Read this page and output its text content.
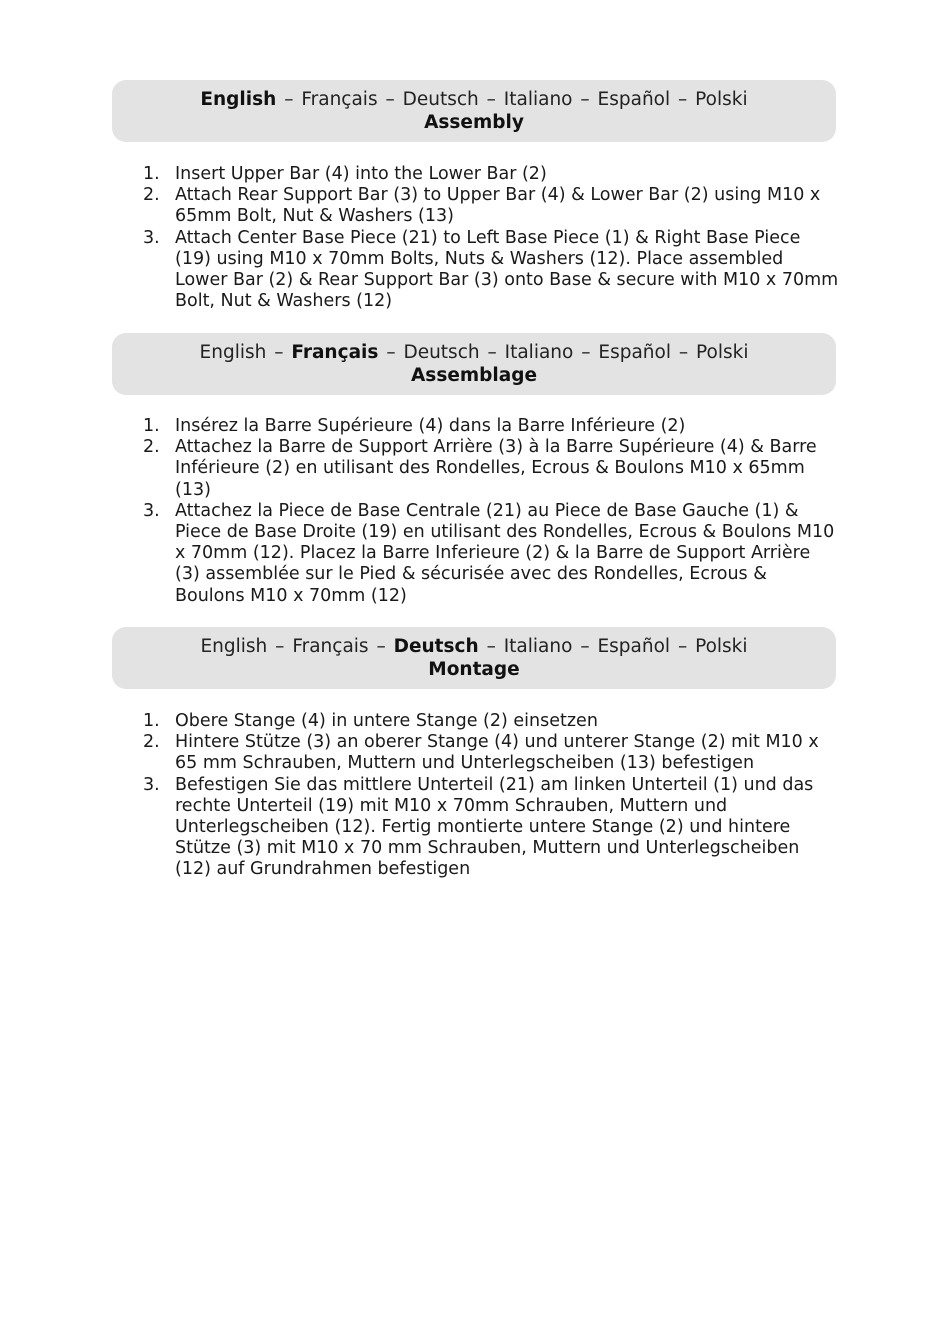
English – Français – Deutsch – Italiano – Español – Polski
Assembly
1. Insert Upper Bar (4) into the Lower Bar (2)
2. Attach Rear Support Bar (3) to Upper Bar (4) & Lower Bar (2) using M10 x 65mm Bolt, Nut & Washers (13)
3. Attach Center Base Piece (21) to Left Base Piece (1) & Right Base Piece (19) using M10 x 70mm Bolts, Nuts & Washers (12). Place assembled Lower Bar (2) & Rear Support Bar (3) onto Base & secure with M10 x 70mm Bolt, Nut & Washers (12)
English – Français – Deutsch – Italiano – Español – Polski
Assemblage
1. Insérez la Barre Supérieure (4) dans la Barre Inférieure (2)
2. Attachez la Barre de Support Arrière (3) à la Barre Supérieure (4) & Barre Inférieure (2) en utilisant des Rondelles, Ecrous & Boulons M10 x 65mm (13)
3. Attachez la Piece de Base Centrale (21) au Piece de Base Gauche (1) & Piece de Base Droite (19) en utilisant des Rondelles, Ecrous & Boulons M10 x 70mm (12). Placez la Barre Inferieure (2) & la Barre de Support Arrière (3) assemblée sur le Pied & sécurisée avec des Rondelles, Ecrous & Boulons M10 x 70mm (12)
English – Français – Deutsch – Italiano – Español – Polski
Montage
1. Obere Stange (4) in untere Stange (2) einsetzen
2. Hintere Stütze (3) an oberer Stange (4) und unterer Stange (2) mit M10 x 65 mm Schrauben, Muttern und Unterlegscheiben (13) befestigen
3. Befestigen Sie das mittlere Unterteil (21) am linken Unterteil (1) und das rechte Unterteil (19) mit M10 x 70mm Schrauben, Muttern und Unterlegscheiben (12). Fertig montierte untere Stange (2) und hintere Stütze (3) mit M10 x 70 mm Schrauben, Muttern und Unterlegscheiben (12) auf Grundrahmen befestigen
